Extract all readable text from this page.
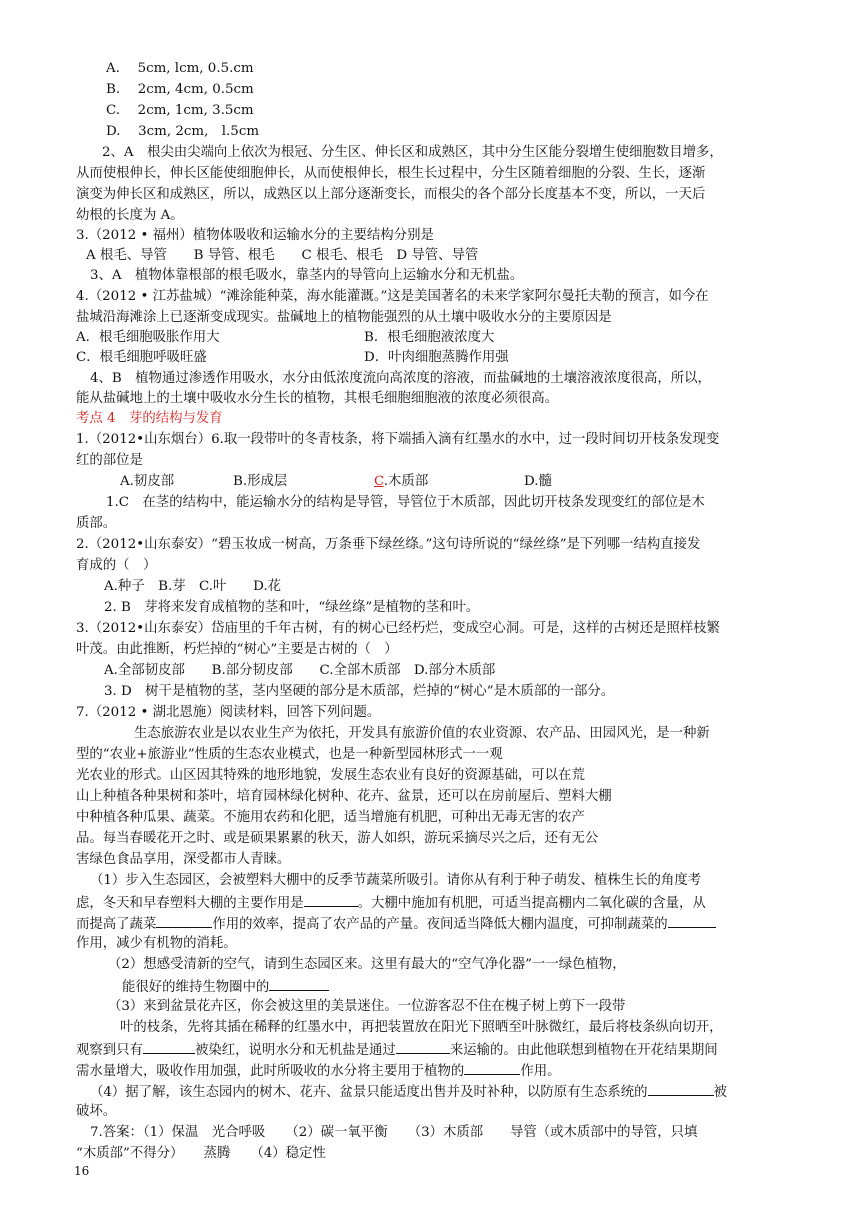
A.　 5cm, lcm, 0.5.cm
B.　 2cm, 4cm, 0.5cm
C.　 2cm, 1cm, 3.5cm
D.　 3cm, 2cm,　l.5cm
2、A　根尖由尖端向上依次为根冠、分生区、伸长区和成熟区，其中分生区能分裂增生使细胞数目增多，
从而使根伸长，伸长区能使细胞伸长，从而使根伸长，根生长过程中，分生区随着细胞的分裂、生长，逐渐
演变为伸长区和成熟区，所以，成熟区以上部分逐渐变长，而根尖的各个部分长度基本不变，所以，一天后
幼根的长度为 A。
3.（2012 • 福州）植物体吸收和运输水分的主要结构分别是
A 根毛、导管　　B 导管、根毛　　C 根毛、根毛　D 导管、导管
3、A　植物体靠根部的根毛吸水，靠茎内的导管向上运输水分和无机盐。
4.（2012 • 江苏盐城）“滩涂能种菜，海水能灌溉。”这是美国著名的未来学家阿尔曼托夫勒的预言，如今在
盐城沿海滩涂上已逐渐变成现实。盐碱地上的植物能强烈的从土壤中吸收水分的主要原因是
A．根毛细胞吸胀作用大	B．根毛细胞液浓度大
C．根毛细胞呼吸旺盛	D．叶肉细胞蒸腾作用强
4、B　植物通过渗透作用吸水，水分由低浓度流向高浓度的溶液，而盐碱地的土壤溶液浓度很高，所以，
能从盐碱地上的土壤中吸收水分生长的植物，其根毛细胞细胞液的浓度必须很高。
考点 4　芽的结构与发育
1.（2012•山东烟台）6.取一段带叶的冬青枝条，将下端插入滴有红墨水的水中，过一段时间切开枝条发现变
红的部位是
A.韧皮部	B.形成层	C.木质部	D.髓
1.C　在茎的结构中，能运输水分的结构是导管，导管位于木质部，因此切开枝条发现变红的部位是木
质部。
2.（2012•山东泰安）“碧玉妆成一树高，万条垂下绿丝绦。”这句诗所说的“绿丝绦”是下列哪一结构直接发
育成的（　）
A.种子　B.芽　C.叶　　D.花
2. B　芽将来发育成植物的茎和叶，“绿丝绦”是植物的茎和叶。
3.（2012•山东泰安）岱庙里的千年古树，有的树心已经朽烂，变成空心洞。可是，这样的古树还是照样枝繁
叶茂。由此推断，朽烂掉的“树心”主要是古树的（　）
A.全部韧皮部　　B.部分韧皮部　　C.全部木质部　D.部分木质部
3. D　树干是植物的茎，茎内坚硬的部分是木质部，烂掉的“树心”是木质部的一部分。
7.（2012 • 湖北恩施）阅读材料，回答下列问题。
生态旅游农业是以农业生产为依托，开发具有旅游价值的农业资源、农产品、田园风光，是一种新
型的“农业+旅游业”性质的生态农业模式，也是一种新型园林形式一一观
光农业的形式。山区因其特殊的地形地貌，发展生态农业有良好的资源基础，可以在荒
山上种植各种果树和茶叶，培育园林绿化树种、花卉、盆景，还可以在房前屋后、塑料大棚
中种植各种瓜果、蔬菜。不施用农药和化肥，适当增施有机肥，可种出无毒无害的农产
品。每当春暖花开之时、或是硕果累累的秋天，游人如织，游玩采摘尽兴之后，还有无公
害绿色食品享用，深受都市人青睐。
（1）步入生态园区，会被塑料大棚中的反季节蔬菜所吸引。请你从有利于种子萌发、植株生长的角度考
虑，冬天和早春塑料大棚的主要作用是	。大棚中施加有机肥，可适当提高棚内二氧化碳的含量，从
而提高了蔬菜	作用的效率，提高了农产品的产量。夜间适当降低大棚内温度，可抑制蔬菜的
作用，减少有机物的消耗。
（2）想感受清新的空气，请到生态园区来。这里有最大的“空气净化器”一一绿色植物，
能很好的维持生物圈中的
（3）来到盆景花卉区，你会被这里的美景迷住。一位游客忍不住在槐子树上剪下一段带
叶的枝条，先将其插在稀释的红墨水中，再把装置放在阳光下照晒至叶脉微红，最后将枝条纵向切开，
观察到只有	被染红，说明水分和无机盐是通过	来运输的。由此他联想到植物在开花结果期间
需水量增大，吸收作用加强，此时所吸收的水分将主要用于植物的	作用。
（4）据了解，该生态园内的树木、花卉、盆景只能适度出售并及时补种，以防原有生态系统的	被
破坏。
7.答案：（1）保温　光合呼吸　　（2）碳一氧平衡　　（3）木质部　　导管（或木质部中的导管，只填
“木质部”不得分）　　蒸腾　　（4）稳定性
16
